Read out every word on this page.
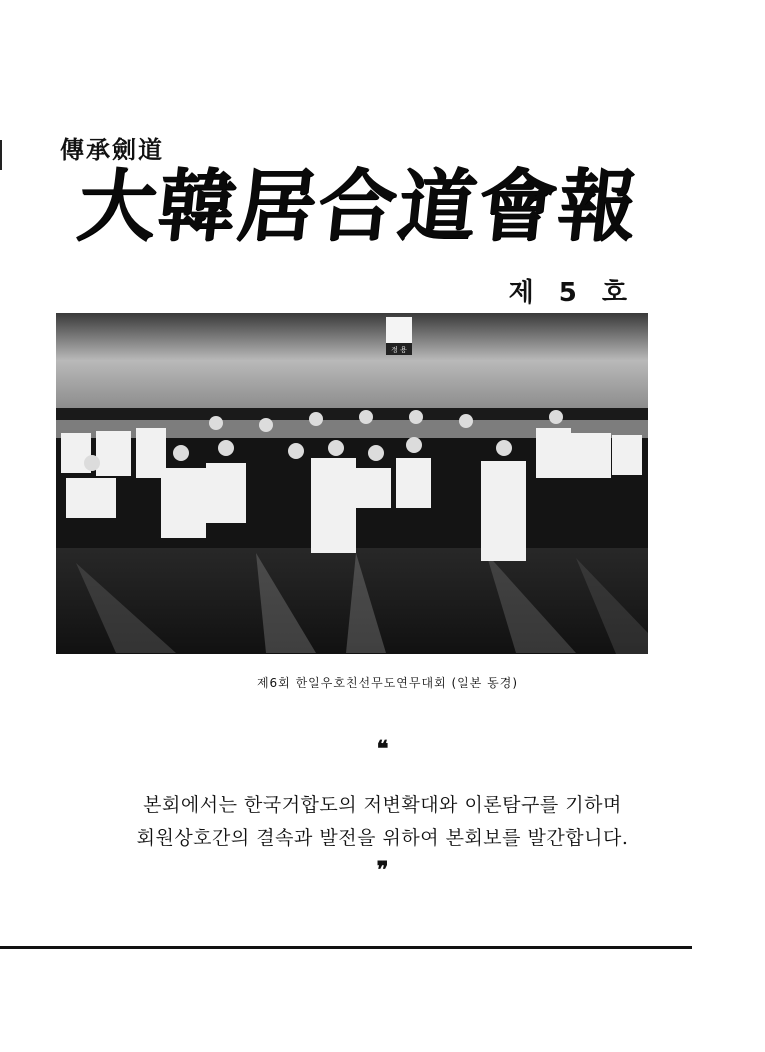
傳承劍道
大韓居合道會報
제 5 호
정 용
제6회 한일우호친선무도연무대회 (일본 동경)
❝
본회에서는 한국거합도의 저변확대와 이론탐구를 기하며
회원상호간의 결속과 발전을 위하여 본회보를 발간합니다.
❞
